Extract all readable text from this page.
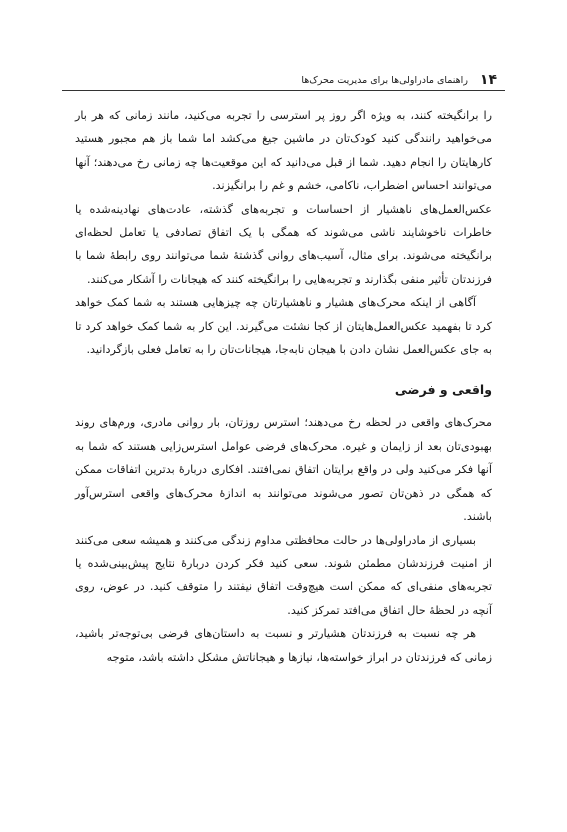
۱۴
راهنمای مادراولی‌ها برای مدیریت محرک‌ها

را برانگیخته کنند، به ویژه اگر روز پر استرسی را تجربه می‌کنید، مانند زمانی که هر بار می‌خواهید رانندگی کنید کودک‌تان در ماشین جیغ می‌کشد اما شما باز هم مجبور هستید کارهایتان را انجام دهید. شما از قبل می‌دانید که این موقعیت‌ها چه زمانی رخ می‌دهند؛ آنها می‌توانند احساس اضطراب، ناکامی، خشم و غم را برانگیزند.

عکس‌العمل‌های ناهشیار از احساسات و تجربه‌های گذشته، عادت‌های نهادینه‌شده یا خاطرات ناخوشایند ناشی می‌شوند که همگی با یک اتفاق تصادفی یا تعامل لحظه‌ای برانگیخته می‌شوند. برای مثال، آسیب‌های روانی گذشتهٔ شما می‌توانند روی رابطهٔ شما با فرزندتان تأثیر منفی بگذارند و تجربه‌هایی را برانگیخته کنند که هیجانات را آشکار می‌کنند.

آگاهی از اینکه محرک‌های هشیار و ناهشیارتان چه چیزهایی هستند به شما کمک خواهد کرد تا بفهمید عکس‌العمل‌هایتان از کجا نشئت می‌گیرند. این کار به شما کمک خواهد کرد تا به جای عکس‌العمل نشان دادن با هیجان نابه‌جا، هیجانات‌تان را به تعامل فعلی بازگردانید.

واقعی و فرضی

محرک‌های واقعی در لحظه رخ می‌دهند؛ استرس روزتان، بار روانی مادری، ورم‌های روند بهبودی‌تان بعد از زایمان و غیره. محرک‌های فرضی عوامل استرس‌زایی هستند که شما به آنها فکر می‌کنید ولی در واقع برایتان اتفاق نمی‌افتند. افکاری دربارهٔ بدترین اتفاقات ممکن که همگی در ذهن‌تان تصور می‌شوند می‌توانند به اندازهٔ محرک‌های واقعی استرس‌آور باشند.

بسیاری از مادراولی‌ها در حالت محافظتی مداوم زندگی می‌کنند و همیشه سعی می‌کنند از امنیت فرزندشان مطمئن شوند. سعی کنید فکر کردن دربارهٔ نتایج پیش‌بینی‌شده یا تجربه‌های منفی‌ای که ممکن است هیچ‌وقت اتفاق نیفتند را متوقف کنید. در عوض، روی آنچه در لحظهٔ حال اتفاق می‌افتد تمرکز کنید.

هر چه نسبت به فرزندتان هشیارتر و نسبت به داستان‌های فرضی بی‌توجه‌تر باشید، زمانی که فرزندتان در ابراز خواسته‌ها، نیازها و هیجاناتش مشکل داشته باشد، متوجه
